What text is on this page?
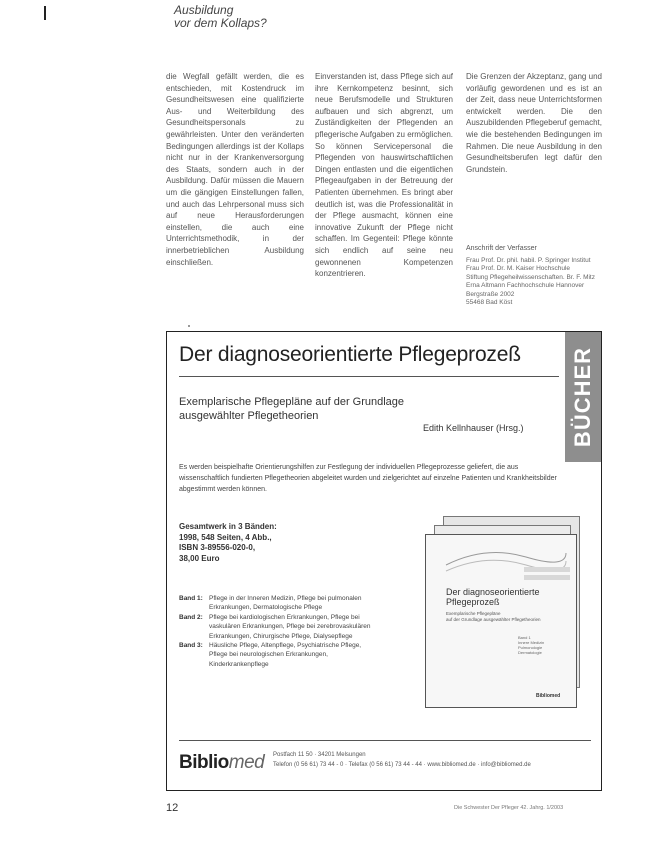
Ausbildung
vor dem Kollaps?

die Wegfall gefällt werden, die es entschieden, mit Kostendruck im Gesundheitswesen eine qualifizierte Aus- und Weiterbildung des Gesundheitspersonals zu gewährleisten. Unter den veränderten Bedingungen allerdings ist der Kollaps nicht nur in der Krankenversorgung des Staats, sondern auch in der Ausbildung. Dafür müssen die Mauern um die gängigen Einstellungen fallen, und auch das Lehrpersonal muss sich auf neue Herausforderungen einstellen, die auch eine Unterrichtsmethodik, in der innerbetrieblichen Ausbildung einschließen.

Einverstanden ist, dass Pflege sich auf ihre Kernkompetenz besinnt, sich neue Berufsmodelle und Strukturen aufbauen und sich abgrenzt, um Zuständigkeiten der Pflegenden an pflegerische Aufgaben zu ermöglichen. So können Servicepersonal die Pflegenden von hauswirtschaftlichen Dingen entlasten und die eigentlichen Pflegeaufgaben in der Betreuung der Patienten übernehmen. Es bringt aber deutlich ist, was die Professionalität in der Pflege ausmacht, können eine innovative Zukunft der Pflege nicht schaffen. Im Gegenteil: Pflege könnte sich endlich auf seine neu gewonnenen Kompetenzen konzentrieren.

Die Grenzen der Akzeptanz, gang und vorläufig gewordenen und es ist an der Zeit, dass neue Unterrichtsformen entwickelt werden. Die den Auszubildenden Pflegeberuf gemacht, wie die bestehenden Bedingungen im Rahmen. Die neue Ausbildung in den Gesundheitsberufen legt dafür den Grundstein.

Anschrift der Verfasser
Frau Prof. Dr. phil. habil. P. Springer Institut
Frau Prof. Dr. M. Kaiser Hochschule
Stiftung Pflegeheilwissenschaften. Br. F. Mitz
Erna Altmann Fachhochschule Hannover
Bergstraße 2002
55468 Bad Köst
Der diagnoseorientierte Pflegeprozeß BÜCHER
Exemplarische Pflegepläne auf der Grundlage
ausgewählter Pflegetheorien
Edith Kellnhauser (Hrsg.)
Es werden beispielhafte Orientierungshilfen zur Festlegung der individuellen Pflegeprozesse geliefert, die aus wissenschaftlich fundierten Pflegetheorien abgeleitet wurden und zielgerichtet auf einzelne Patienten und Krankheitsbilder abgestimmt werden können.
Gesamtwerk in 3 Bänden:
1998, 548 Seiten, 4 Abb.,
ISBN 3-89556-020-0,
38,00 Euro
Band 1: Pflege in der Inneren Medizin, Pflege bei pulmonalen
Erkrankungen, Dermatologische Pflege
Band 2: Pflege bei kardiologischen Erkrankungen, Pflege bei
vaskulären Erkrankungen, Pflege bei zerebrovaskulären
Erkrankungen, Chirurgische Pflege, Dialysepflege
Band 3: Häusliche Pflege, Altenpflege, Psychiatrische Pflege,
Pflege bei neurologischen Erkrankungen,
Kinderkrankenpflege
Der diagnoseorientierte
Pflegeprozeß
Exemplarische Pflegepläne
auf der Grundlage ausgewählter Pflegetheorien
Band 1
Innere Medizin
Pulmonologie
Dermatologie
Bibliomed
Bibliomed Postfach 11 50 · 34201 Melsungen
Telefon (0 56 61) 73 44 - 0 · Telefax (0 56 61) 73 44 - 44 · www.bibliomed.de · info@bibliomed.de
12	Die Schwester Der Pfleger 42. Jahrg. 1/2003
